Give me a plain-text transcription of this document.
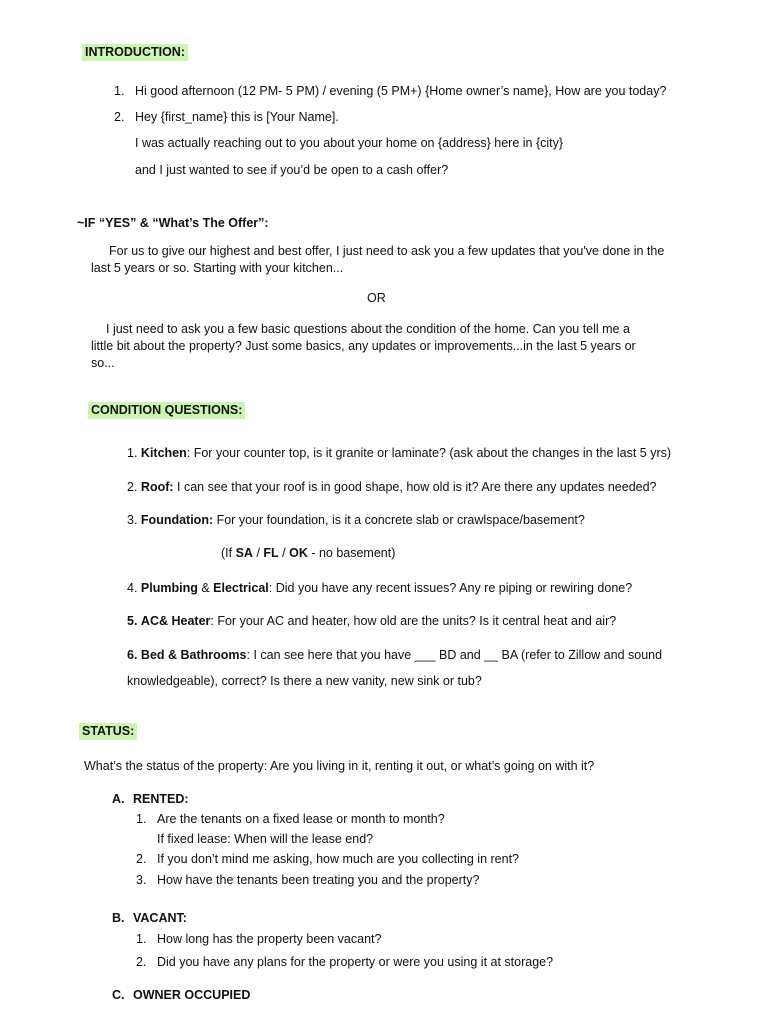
INTRODUCTION:
1. Hi good afternoon (12 PM- 5 PM) / evening (5 PM+) {Home owner’s name}, How are you today?
2. Hey {first_name} this is [Your Name].
I was actually reaching out to you about your home on {address} here in {city}
and I just wanted to see if you’d be open to a cash offer?
~IF “YES” & “What’s The Offer”:
For us to give our highest and best offer, I just need to ask you a few updates that you've done in the
last 5 years or so. Starting with your kitchen...
OR
I just need to ask you a few basic questions about the condition of the home. Can you tell me a
little bit about the property? Just some basics, any updates or improvements...in the last 5 years or
so...
CONDITION QUESTIONS:
1. Kitchen: For your counter top, is it granite or laminate? (ask about the changes in the last 5 yrs)
2. Roof: I can see that your roof is in good shape, how old is it? Are there any updates needed?
3. Foundation: For your foundation, is it a concrete slab or crawlspace/basement?
(If SA / FL / OK - no basement)
4. Plumbing & Electrical: Did you have any recent issues? Any re piping or rewiring done?
5. AC& Heater: For your AC and heater, how old are the units? Is it central heat and air?
6. Bed & Bathrooms: I can see here that you have ___ BD and __ BA (refer to Zillow and sound
knowledgeable), correct? Is there a new vanity, new sink or tub?
STATUS:
What’s the status of the property: Are you living in it, renting it out, or what’s going on with it?
A. RENTED:
1. Are the tenants on a fixed lease or month to month?
If fixed lease: When will the lease end?
2. If you don’t mind me asking, how much are you collecting in rent?
3. How have the tenants been treating you and the property?
B. VACANT:
1. How long has the property been vacant?
2. Did you have any plans for the property or were you using it at storage?
C. OWNER OCCUPIED
